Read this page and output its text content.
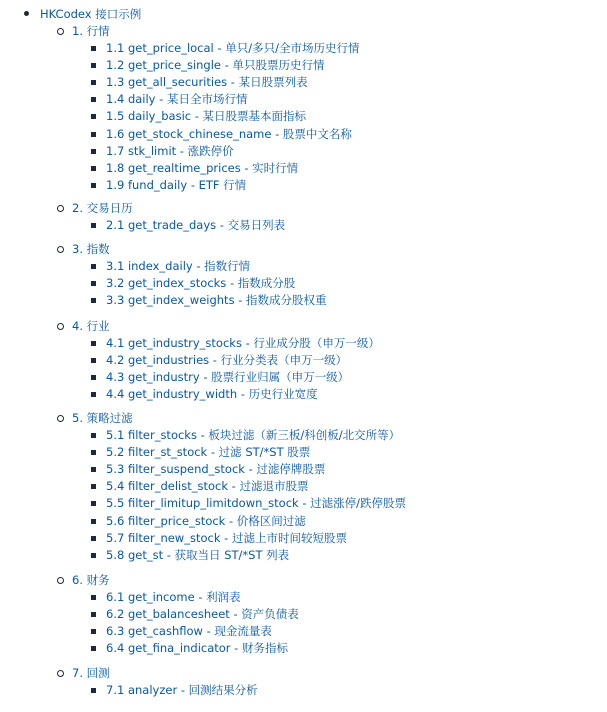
HKCodex 接口示例
1. 行情
1.1 get_price_local - 单只/多只/全市场历史行情
1.2 get_price_single - 单只股票历史行情
1.3 get_all_securities - 某日股票列表
1.4 daily - 某日全市场行情
1.5 daily_basic - 某日股票基本面指标
1.6 get_stock_chinese_name - 股票中文名称
1.7 stk_limit - 涨跌停价
1.8 get_realtime_prices - 实时行情
1.9 fund_daily - ETF 行情
2. 交易日历
2.1 get_trade_days - 交易日列表
3. 指数
3.1 index_daily - 指数行情
3.2 get_index_stocks - 指数成分股
3.3 get_index_weights - 指数成分股权重
4. 行业
4.1 get_industry_stocks - 行业成分股（申万一级）
4.2 get_industries - 行业分类表（申万一级）
4.3 get_industry - 股票行业归属（申万一级）
4.4 get_industry_width - 历史行业宽度
5. 策略过滤
5.1 filter_stocks - 板块过滤（新三板/科创板/北交所等）
5.2 filter_st_stock - 过滤 ST/*ST 股票
5.3 filter_suspend_stock - 过滤停牌股票
5.4 filter_delist_stock - 过滤退市股票
5.5 filter_limitup_limitdown_stock - 过滤涨停/跌停股票
5.6 filter_price_stock - 价格区间过滤
5.7 filter_new_stock - 过滤上市时间较短股票
5.8 get_st - 获取当日 ST/*ST 列表
6. 财务
6.1 get_income - 利润表
6.2 get_balancesheet - 资产负债表
6.3 get_cashflow - 现金流量表
6.4 get_fina_indicator - 财务指标
7. 回测
7.1 analyzer - 回测结果分析
